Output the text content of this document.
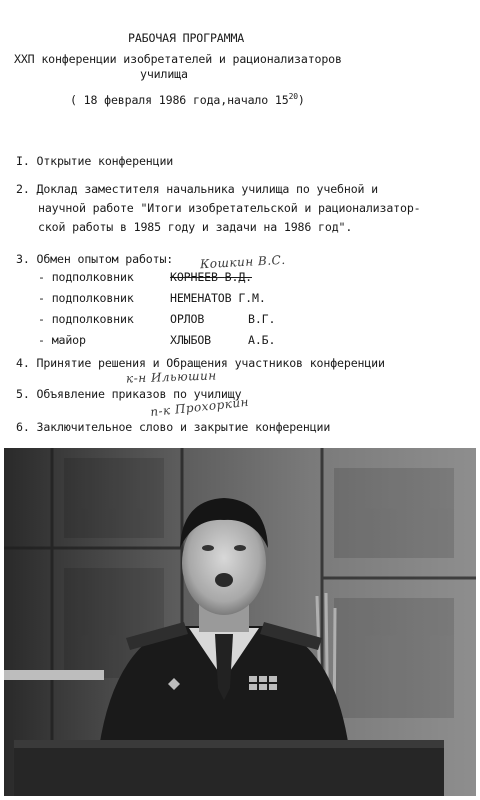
РАБОЧАЯ ПРОГРАММА
ХХП конференции изобретателей и рационализаторов
училища
( 18 февраля 1986 года,начало $15^{20}$)
I. Открытие конференции
2. Доклад заместителя начальника училища по учебной и
научной работе "Итоги изобретательской и рационализатор-
ской работы в 1985 году и задачи на 1986 год".
3. Обмен опытом работы: Кошкин В.С.
- подполковник	КОРНЕЕВ В.Д.
- подполковник	НЕМЕНАТОВ Г.М.
- подполковник	ОРЛОВ	В.Г.
- майор	ХЛЫБОВ	А.Б.
4. Принятие решения и Обращения участников конференции
к-н Ильюшин
5. Объявление приказов по училищу
п-к Прохоркин
6. Заключительное слово и закрытие конференции
